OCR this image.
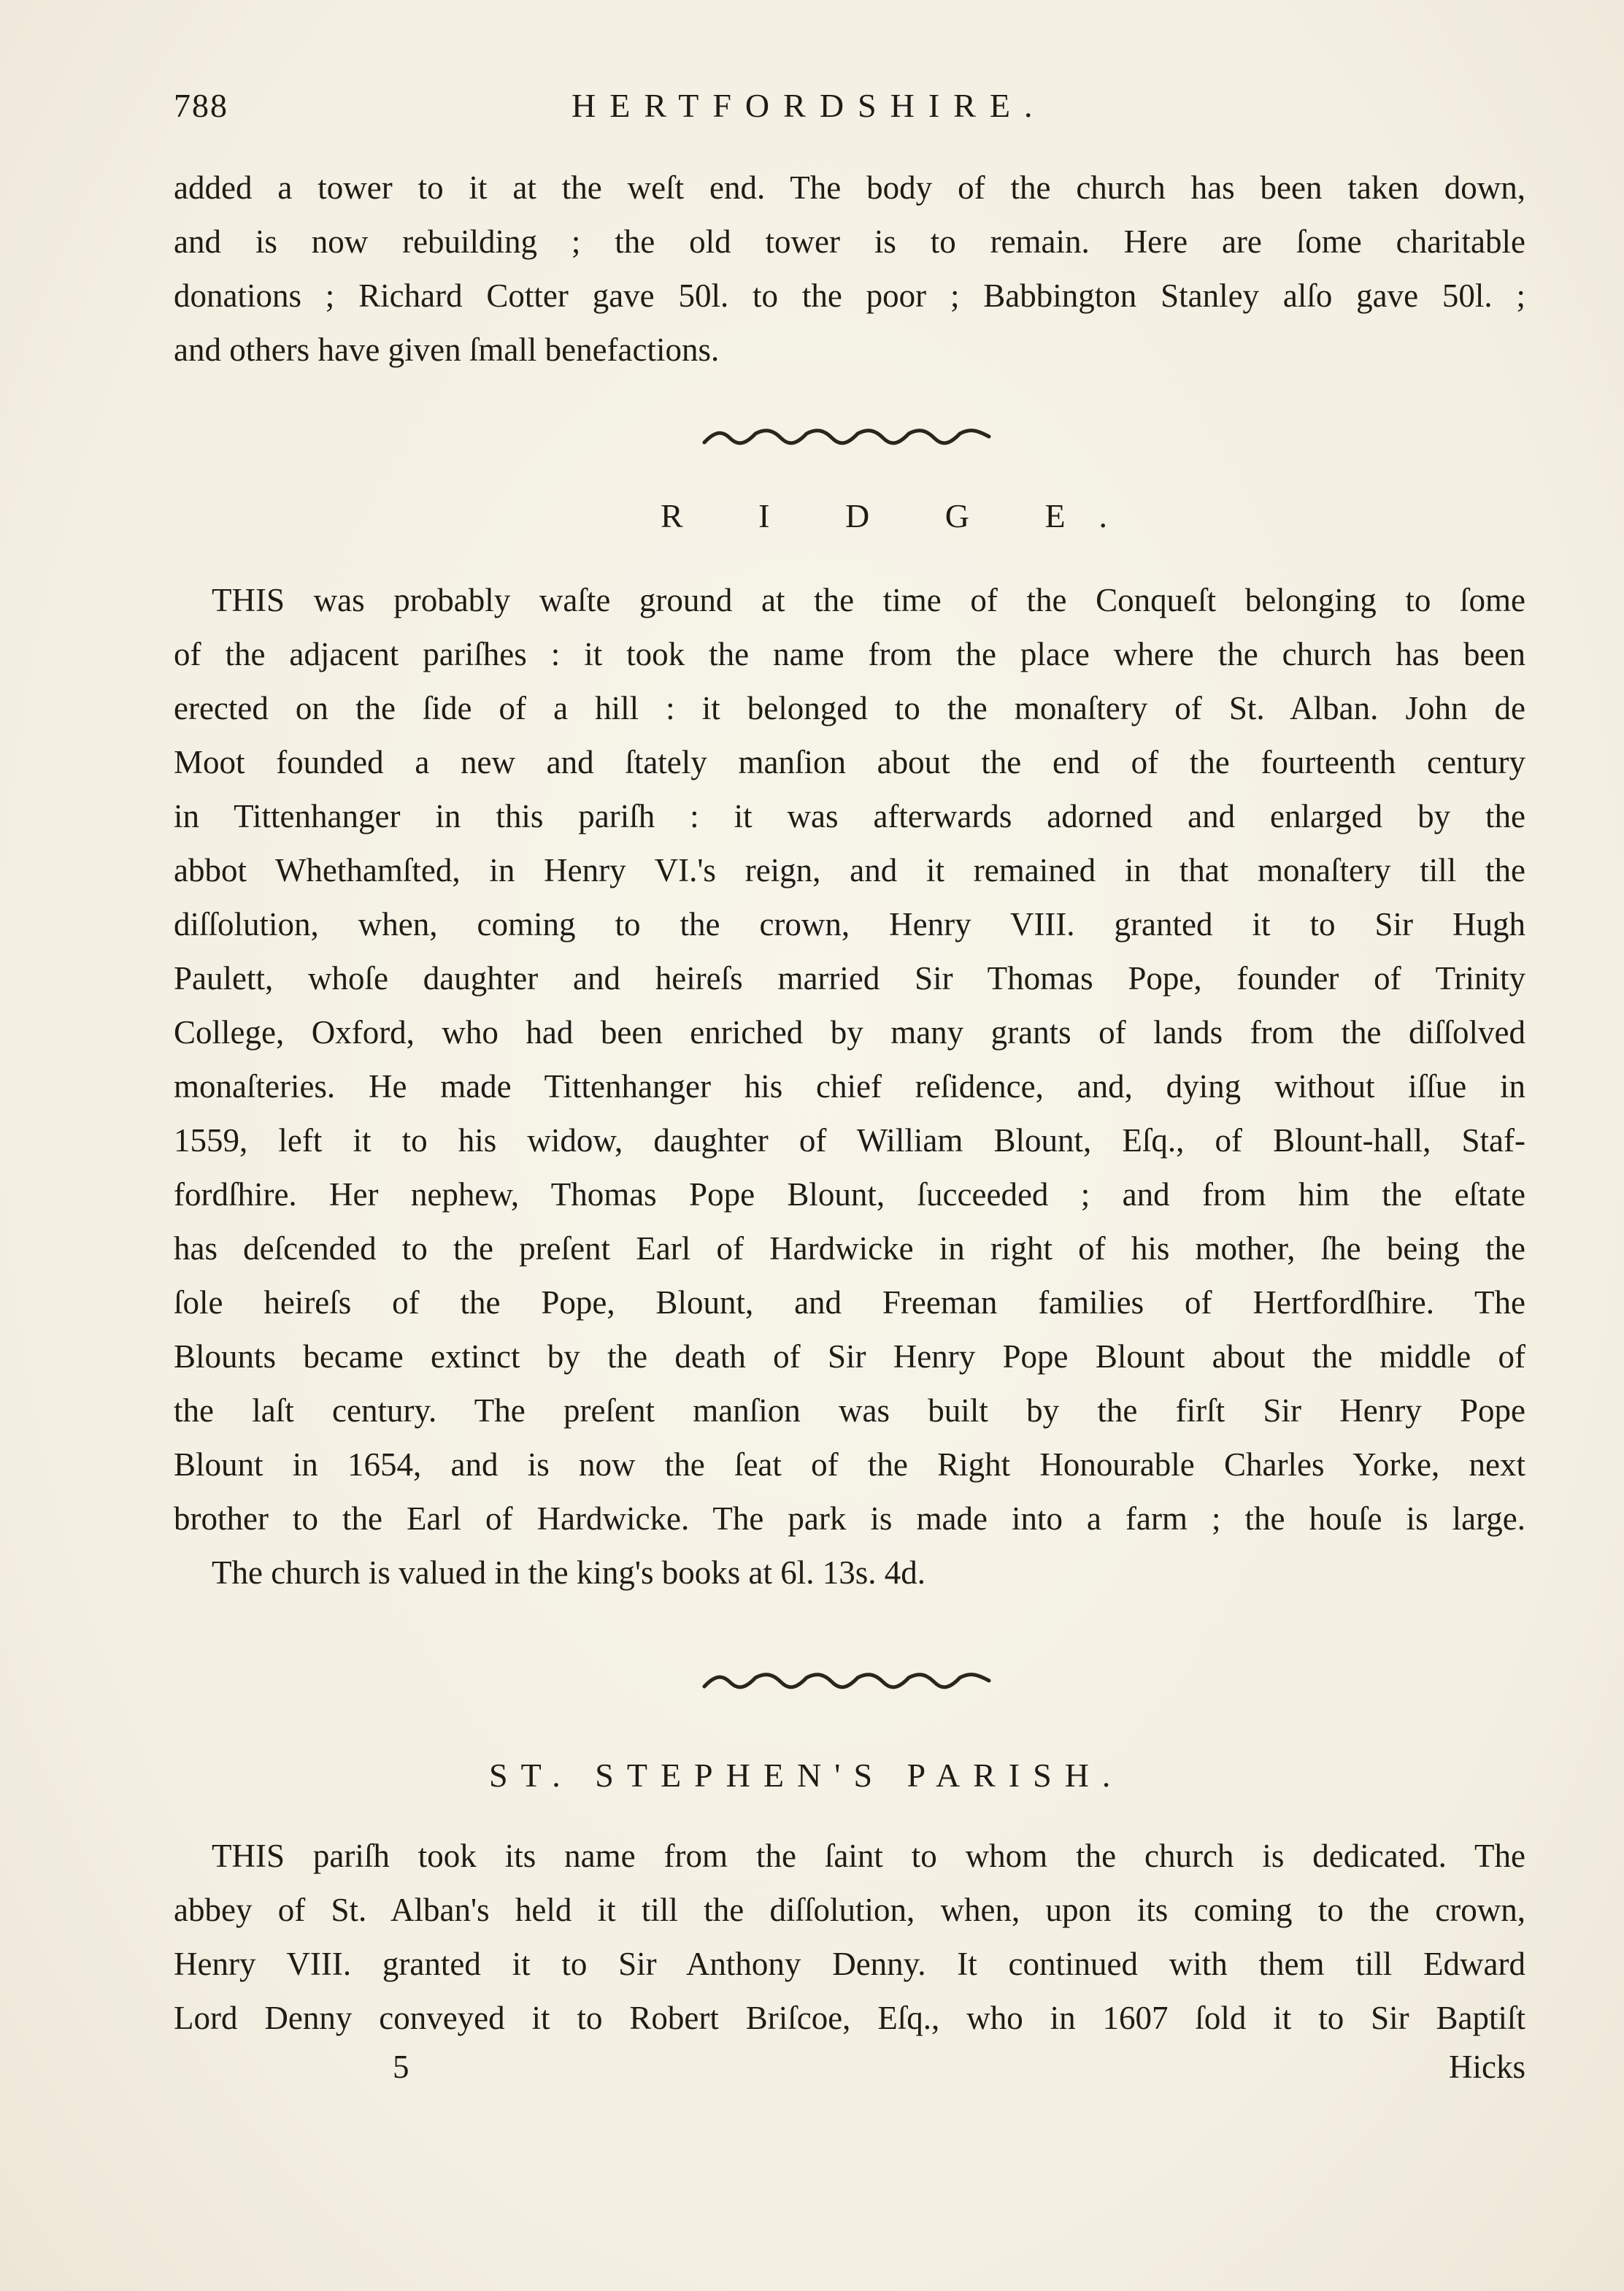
788	HERTFORDSHIRE.
added a tower to it at the weſt end. The body of the church has been taken down,
and is now rebuilding ; the old tower is to remain. Here are ſome charitable
donations ; Richard Cotter gave 50l. to the poor ; Babbington Stanley alſo gave 50l. ;
and others have given ſmall benefactions.
R I D G E.
THIS was probably waſte ground at the time of the Conqueſt belonging to ſome
of the adjacent pariſhes : it took the name from the place where the church has been
erected on the ſide of a hill : it belonged to the monaſtery of St. Alban. John de
Moot founded a new and ſtately manſion about the end of the fourteenth century
in Tittenhanger in this pariſh : it was afterwards adorned and enlarged by the
abbot Whethamſted, in Henry VI.'s reign, and it remained in that monaſtery till the
diſſolution, when, coming to the crown, Henry VIII. granted it to Sir Hugh
Paulett, whoſe daughter and heireſs married Sir Thomas Pope, founder of Trinity
College, Oxford, who had been enriched by many grants of lands from the diſſolved
monaſteries. He made Tittenhanger his chief reſidence, and, dying without iſſue in
1559, left it to his widow, daughter of William Blount, Eſq., of Blount-hall, Staf-
fordſhire. Her nephew, Thomas Pope Blount, ſucceeded ; and from him the eſtate
has deſcended to the preſent Earl of Hardwicke in right of his mother, ſhe being the
ſole heireſs of the Pope, Blount, and Freeman families of Hertfordſhire. The
Blounts became extinct by the death of Sir Henry Pope Blount about the middle of
the laſt century. The preſent manſion was built by the firſt Sir Henry Pope
Blount in 1654, and is now the ſeat of the Right Honourable Charles Yorke, next
brother to the Earl of Hardwicke. The park is made into a farm ; the houſe is large.
The church is valued in the king's books at 6l. 13s. 4d.
ST. STEPHEN'S PARISH.
THIS pariſh took its name from the ſaint to whom the church is dedicated. The
abbey of St. Alban's held it till the diſſolution, when, upon its coming to the crown,
Henry VIII. granted it to Sir Anthony Denny. It continued with them till Edward
Lord Denny conveyed it to Robert Briſcoe, Eſq., who in 1607 ſold it to Sir Baptiſt
5	Hicks
